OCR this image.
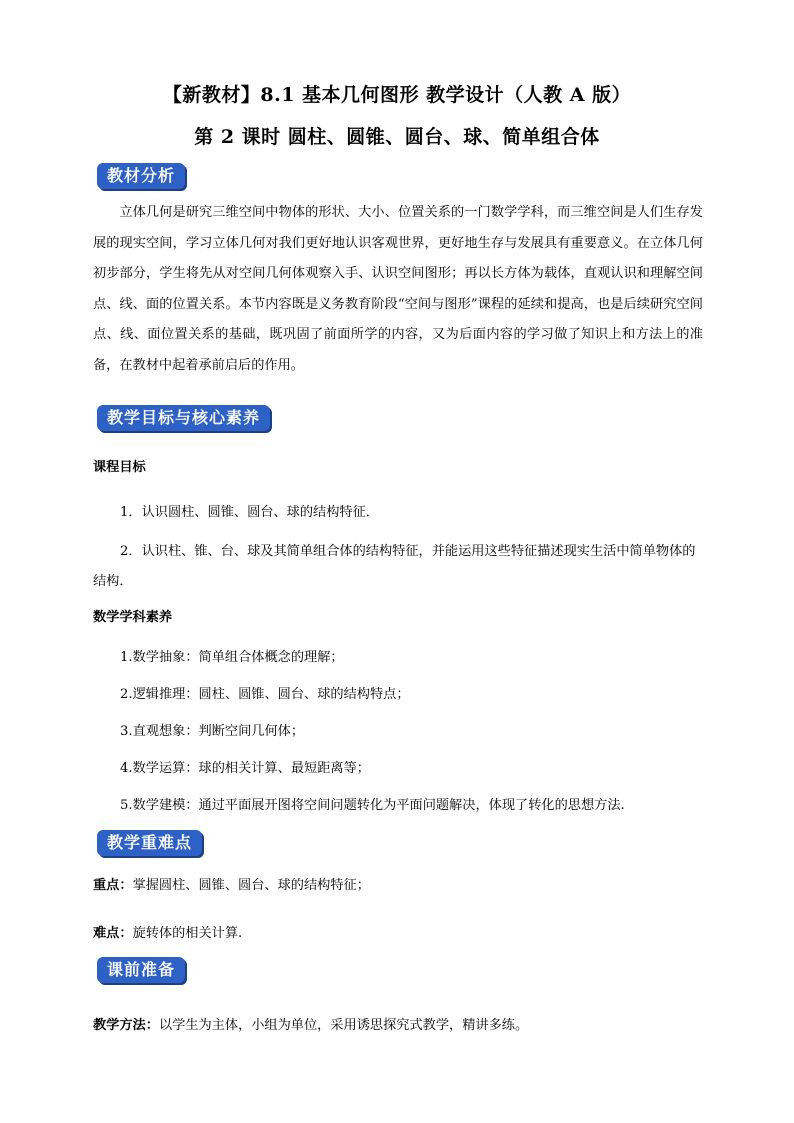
【新教材】8.1 基本几何图形 教学设计（人教 A 版）
第 2 课时 圆柱、圆锥、圆台、球、简单组合体
教材分析
立体几何是研究三维空间中物体的形状、大小、位置关系的一门数学学科，而三维空间是人们生存发展的现实空间，学习立体几何对我们更好地认识客观世界，更好地生存与发展具有重要意义。在立体几何初步部分，学生将先从对空间几何体观察入手、认识空间图形；再以长方体为载体，直观认识和理解空间点、线、面的位置关系。本节内容既是义务教育阶段“空间与图形”课程的延续和提高，也是后续研究空间点、线、面位置关系的基础，既巩固了前面所学的内容，又为后面内容的学习做了知识上和方法上的准备，在教材中起着承前启后的作用。
教学目标与核心素养
课程目标
1．认识圆柱、圆锥、圆台、球的结构特征．
2．认识柱、锥、台、球及其简单组合体的结构特征，并能运用这些特征描述现实生活中简单物体的结构．
数学学科素养
1.数学抽象：简单组合体概念的理解；
2.逻辑推理：圆柱、圆锥、圆台、球的结构特点；
3.直观想象：判断空间几何体；
4.数学运算：球的相关计算、最短距离等；
5.数学建模：通过平面展开图将空间问题转化为平面问题解决，体现了转化的思想方法.
教学重难点
重点：掌握圆柱、圆锥、圆台、球的结构特征；
难点：旋转体的相关计算.
课前准备
教学方法：以学生为主体，小组为单位，采用诱思探究式教学，精讲多练。
